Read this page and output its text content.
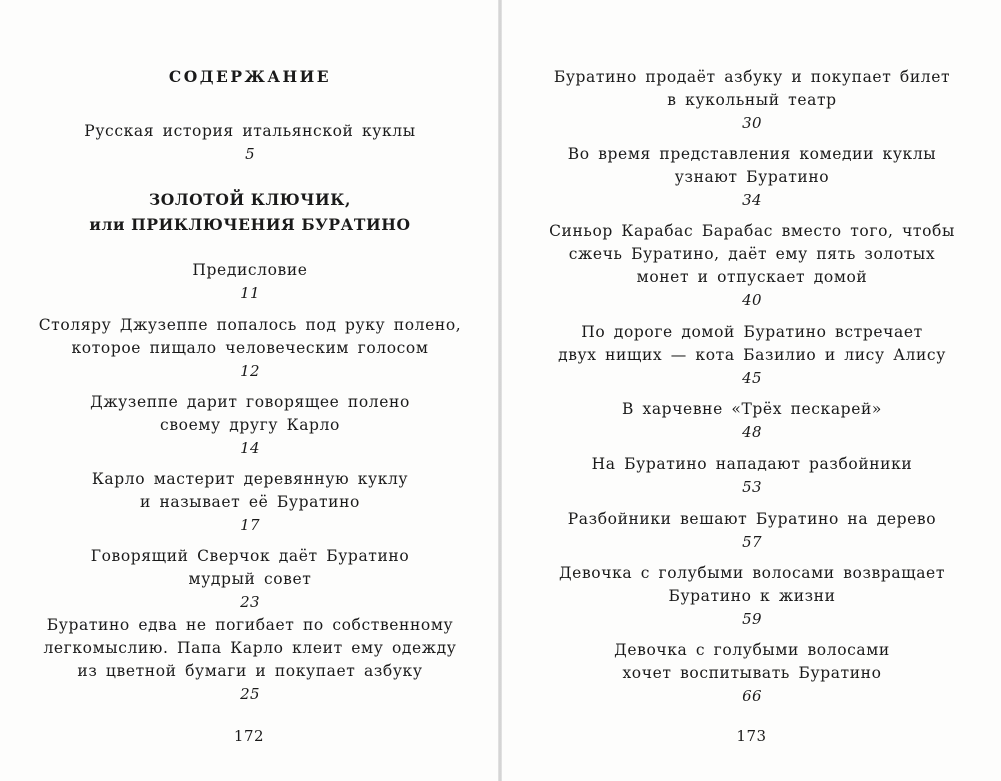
СОДЕРЖАНИЕ
Русская история итальянской куклы
5
ЗОЛОТОЙ КЛЮЧИК,
или ПРИКЛЮЧЕНИЯ БУРАТИНО
Предисловие
11
Столяру Джузеппе попалось под руку полено,
которое пищало человеческим голосом
12
Джузеппе дарит говорящее полено
своему другу Карло
14
Карло мастерит деревянную куклу
и называет её Буратино
17
Говорящий Сверчок даёт Буратино
мудрый совет
23
Буратино едва не погибает по собственному
легкомыслию. Папа Карло клеит ему одежду
из цветной бумаги и покупает азбуку
25
172
Буратино продаёт азбуку и покупает билет
в кукольный театр
30
Во время представления комедии куклы
узнают Буратино
34
Синьор Карабас Барабас вместо того, чтобы
сжечь Буратино, даёт ему пять золотых
монет и отпускает домой
40
По дороге домой Буратино встречает
двух нищих — кота Базилио и лису Алису
45
В харчевне «Трёх пескарей»
48
На Буратино нападают разбойники
53
Разбойники вешают Буратино на дерево
57
Девочка с голубыми волосами возвращает
Буратино к жизни
59
Девочка с голубыми волосами
хочет воспитывать Буратино
66
173
